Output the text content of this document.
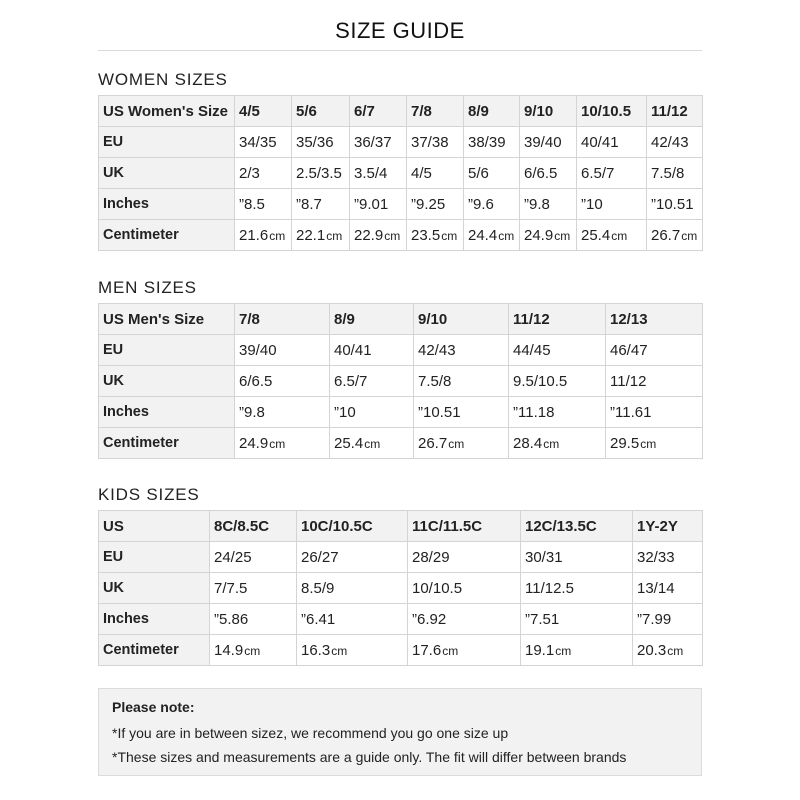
SIZE GUIDE
WOMEN SIZES
US Women's Size	4/5	5/6	6/7	7/8	8/9	9/10	10/10.5	11/12
EU	34/35	35/36	36/37	37/38	38/39	39/40	40/41	42/43
UK	2/3	2.5/3.5	3.5/4	4/5	5/6	6/6.5	6.5/7	7.5/8
Inches	”8.5	”8.7	”9.01	”9.25	”9.6	”9.8	”10	”10.51
Centimeter	21.6cm	22.1cm	22.9cm	23.5cm	24.4cm	24.9cm	25.4cm	26.7cm
MEN SIZES
US Men's Size	7/8	8/9	9/10	11/12	12/13
EU	39/40	40/41	42/43	44/45	46/47
UK	6/6.5	6.5/7	7.5/8	9.5/10.5	11/12
Inches	”9.8	”10	”10.51	”11.18	”11.61
Centimeter	24.9cm	25.4cm	26.7cm	28.4cm	29.5cm
KIDS SIZES
US	8C/8.5C	10C/10.5C	11C/11.5C	12C/13.5C	1Y-2Y
EU	24/25	26/27	28/29	30/31	32/33
UK	7/7.5	8.5/9	10/10.5	11/12.5	13/14
Inches	”5.86	”6.41	”6.92	”7.51	”7.99
Centimeter	14.9cm	16.3cm	17.6cm	19.1cm	20.3cm
Please note:
*If you are in between sizez, we recommend you go one size up
*These sizes and measurements are a guide only. The fit will differ between brands
